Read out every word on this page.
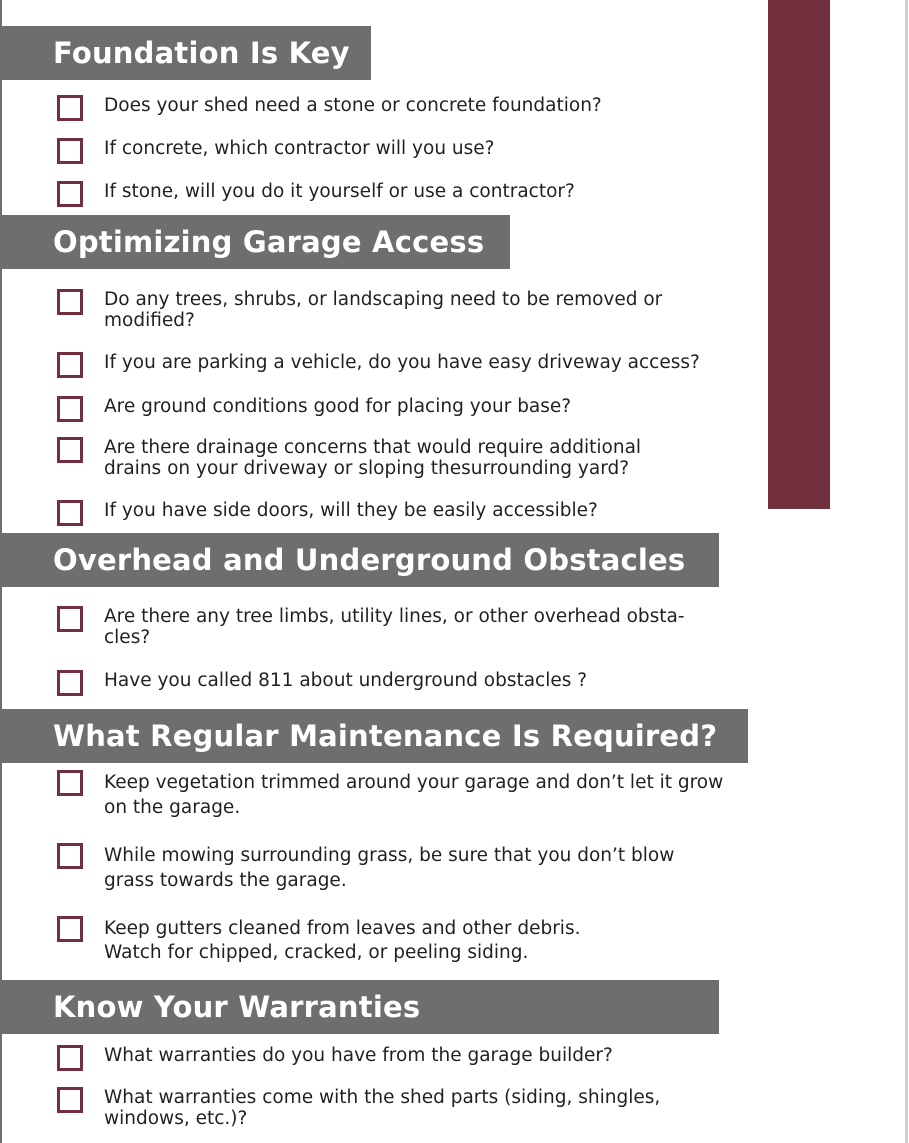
Foundation Is Key
Does your shed need a stone or concrete foundation?
If concrete, which contractor will you use?
If stone, will you do it yourself or use a contractor?
Optimizing Garage Access
Do any trees, shrubs, or landscaping need to be removed or modified?
If you are parking a vehicle, do you have easy driveway access?
Are ground conditions good for placing your base?
Are there drainage concerns that would require additional drains on your driveway or sloping thesurrounding yard?
If you have side doors, will they be easily accessible?
Overhead and Underground Obstacles
Are there any tree limbs, utility lines, or other overhead obsta-cles?
Have you called 811 about underground obstacles ?
What Regular Maintenance Is Required?
Keep vegetation trimmed around your garage and don’t let it grow on the garage.
While mowing surrounding grass, be sure that you don’t blow grass towards the garage.
Keep gutters cleaned from leaves and other debris.
Watch for chipped, cracked, or peeling siding.
Know Your Warranties
What warranties do you have from the garage builder?
What warranties come with the shed parts (siding, shingles, windows, etc.)?
